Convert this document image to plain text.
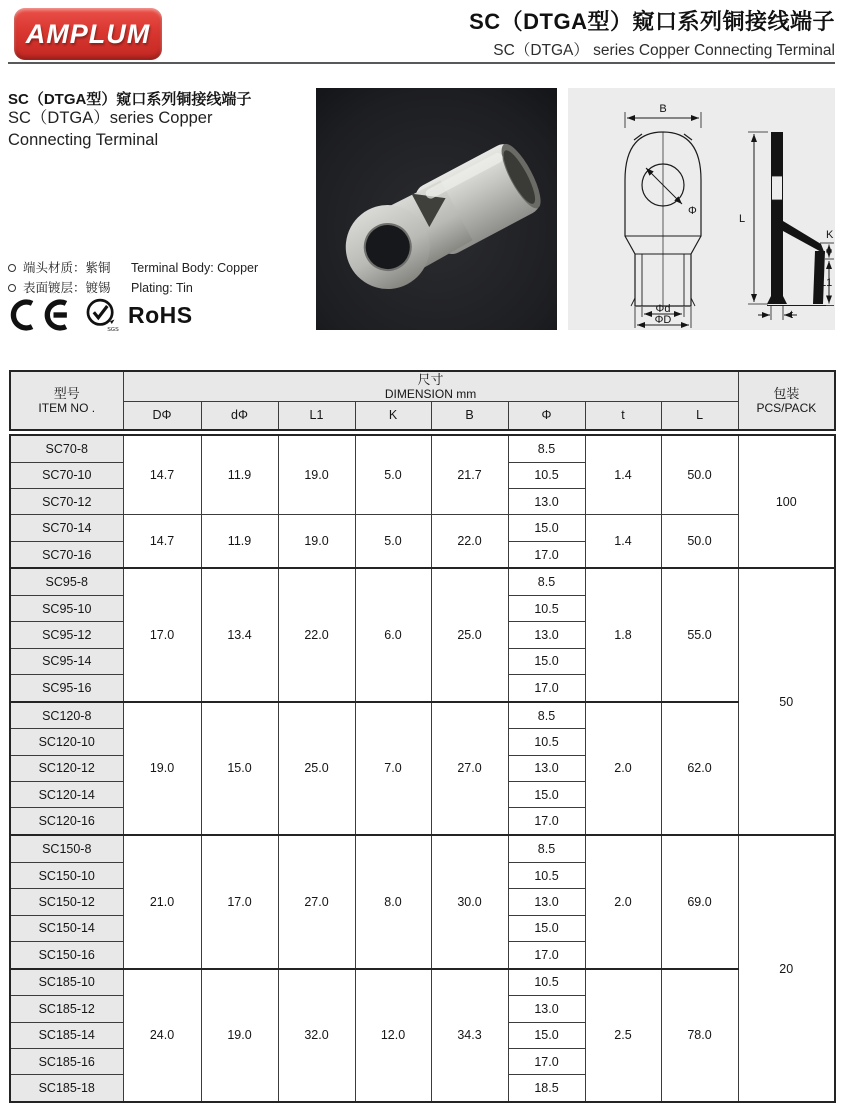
AMPLUM	SC（DTGA型）窥口系列铜接线端子
SC（DTGA） series Copper Connecting Terminal
SC（DTGA型）窥口系列铜接线端子
SC（DTGA）series Copper
Connecting Terminal
端头材质：紫铜	Terminal Body: Copper
表面镀层：镀锡	Plating: Tin
SGS
RoHS
B
Φ
Φd
ΦD
L
K
L1
t
型号
ITEM NO .

尺寸
DIMENSION mm	包装
PCS/PACK

	DΦ	dΦ	L1	K	B	Φ	t	L	
SC70-8	14.7	11.9	19.0	5.0	21.7	8.5	1.4	50.0	100
SC70-10						10.5			
SC70-12						13.0			
SC70-14	14.7	11.9	19.0	5.0	22.0	15.0	1.4	50.0	
SC70-16						17.0			
SC95-8	17.0	13.4	22.0	6.0	25.0	8.5	1.8	55.0	50
SC95-10						10.5			
SC95-12						13.0			
SC95-14						15.0			
SC95-16						17.0			
SC120-8	19.0	15.0	25.0	7.0	27.0	8.5	2.0	62.0	
SC120-10						10.5			
SC120-12						13.0			
SC120-14						15.0			
SC120-16						17.0			
SC150-8	21.0	17.0	27.0	8.0	30.0	8.5	2.0	69.0	20
SC150-10						10.5			
SC150-12						13.0			
SC150-14						15.0			
SC150-16						17.0			
SC185-10	24.0	19.0	32.0	12.0	34.3	10.5	2.5	78.0	
SC185-12						13.0			
SC185-14						15.0			
SC185-16						17.0			
SC185-18						18.5			
